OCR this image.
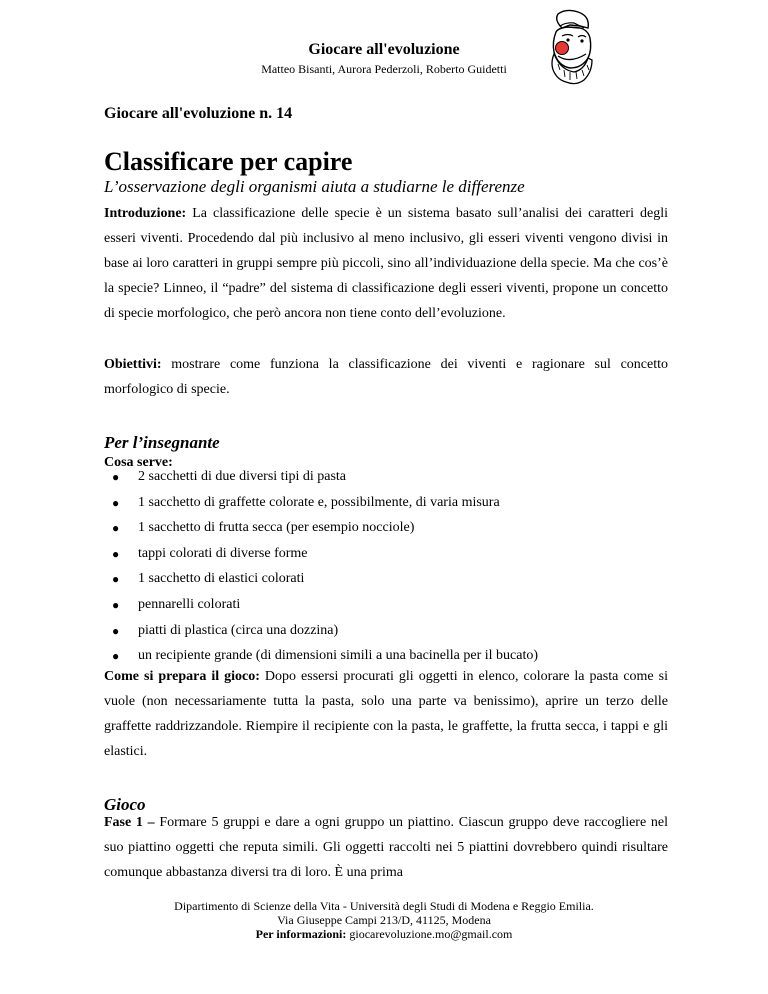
Giocare all'evoluzione
Matteo Bisanti, Aurora Pederzoli, Roberto Guidetti
Giocare all'evoluzione n. 14
Classificare per capire
L’osservazione degli organismi aiuta a studiarne le differenze
Introduzione: La classificazione delle specie è un sistema basato sull’analisi dei caratteri degli esseri viventi. Procedendo dal più inclusivo al meno inclusivo, gli esseri viventi vengono divisi in base ai loro caratteri in gruppi sempre più piccoli, sino all’individuazione della specie. Ma che cos’è la specie? Linneo, il “padre” del sistema di classificazione degli esseri viventi, propone un concetto di specie morfologico, che però ancora non tiene conto dell’evoluzione.
Obiettivi: mostrare come funziona la classificazione dei viventi e ragionare sul concetto morfologico di specie.
Per l’insegnante
Cosa serve:
● 2 sacchetti di due diversi tipi di pasta
● 1 sacchetto di graffette colorate e, possibilmente, di varia misura
● 1 sacchetto di frutta secca (per esempio nocciole)
● tappi colorati di diverse forme
● 1 sacchetto di elastici colorati
● pennarelli colorati
● piatti di plastica (circa una dozzina)
● un recipiente grande (di dimensioni simili a una bacinella per il bucato)
Come si prepara il gioco: Dopo essersi procurati gli oggetti in elenco, colorare la pasta come si vuole (non necessariamente tutta la pasta, solo una parte va benissimo), aprire un terzo delle graffette raddrizzandole. Riempire il recipiente con la pasta, le graffette, la frutta secca, i tappi e gli elastici.
Gioco
Fase 1 – Formare 5 gruppi e dare a ogni gruppo un piattino. Ciascun gruppo deve raccogliere nel suo piattino oggetti che reputa simili. Gli oggetti raccolti nei 5 piattini dovrebbero quindi risultare comunque abbastanza diversi tra di loro. È una prima
Dipartimento di Scienze della Vita - Università degli Studi di Modena e Reggio Emilia.
Via Giuseppe Campi 213/D, 41125, Modena
Per informazioni: giocarevoluzione.mo@gmail.com
